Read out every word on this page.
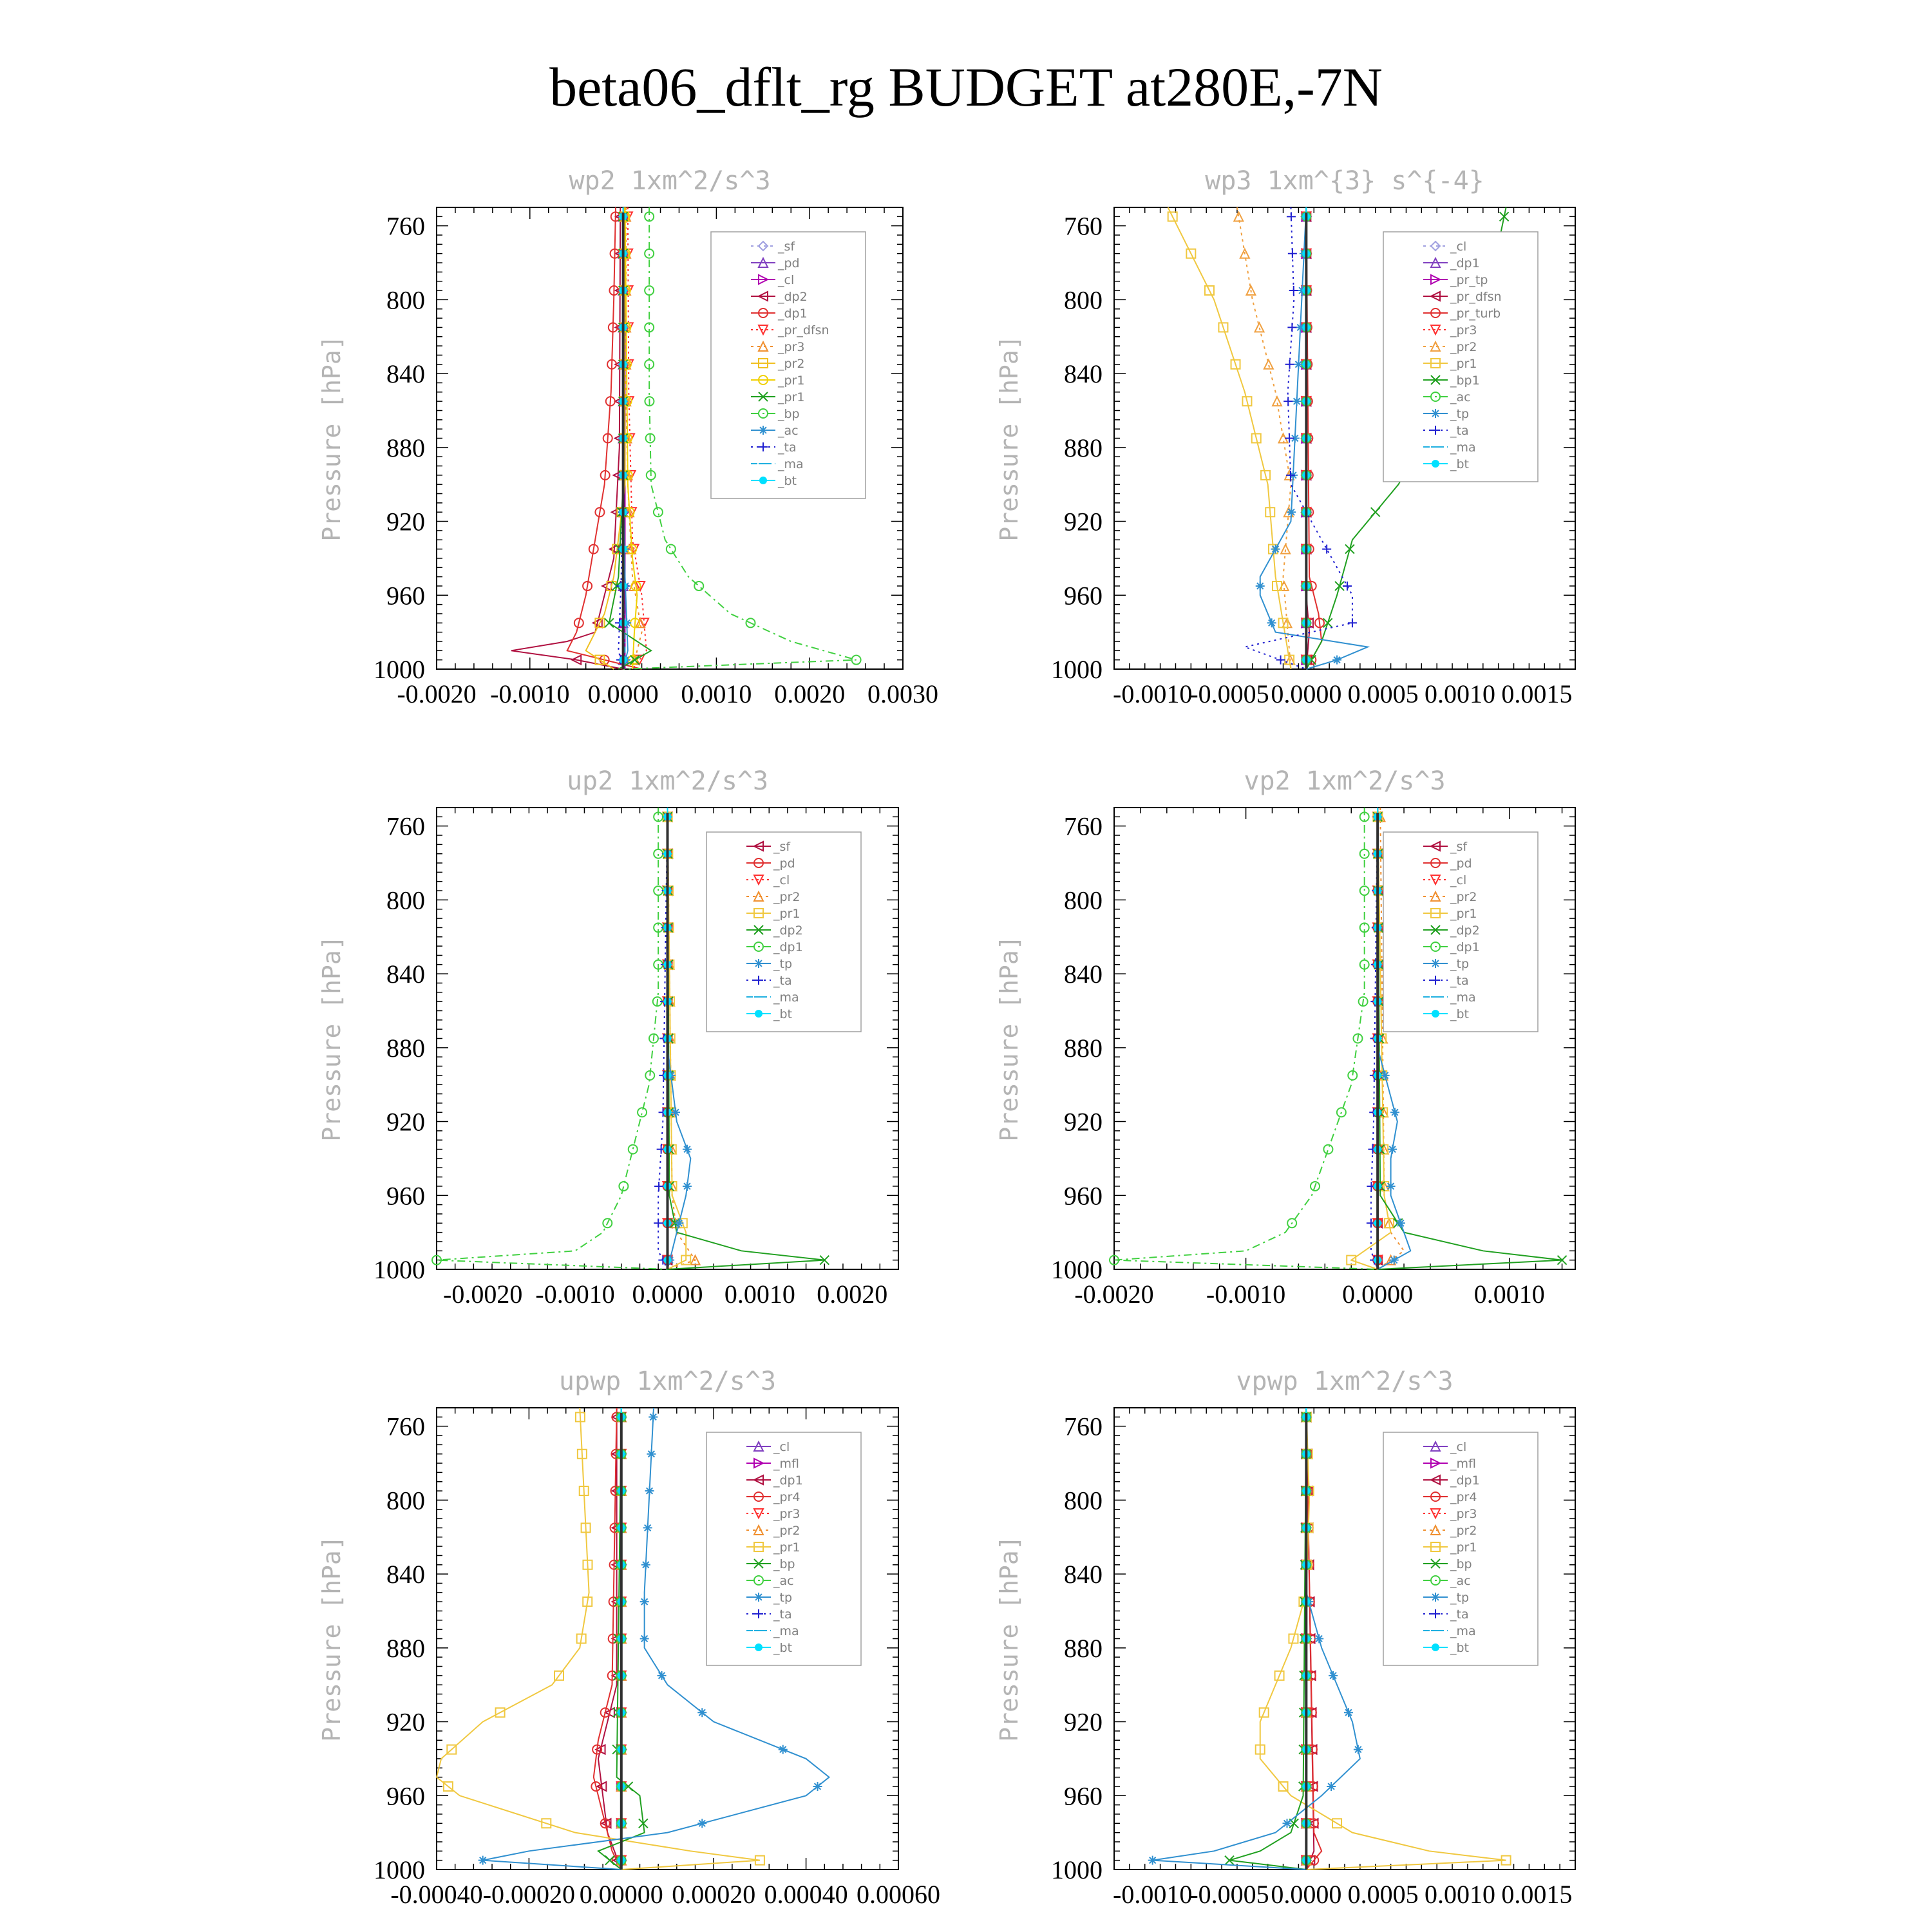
beta06_dflt_rg BUDGET at280E,-7N
wp2 1xm^2/s^3
Pressure [hPa]
760
800
840
880
920
960
1000
-0.0020 -0.0010 0.0000 0.0010 0.0020 0.0030
_sf
_pd
_cl
_dp2
_dp1
_pr_dfsn
_pr3
_pr2
_pr1
_pr1
_bp
_ac
_ta
_ma
_bt
wp3 1xm^{3} s^{-4}
Pressure [hPa]
760
800
840
880
920
960
1000
-0.0010
-0.0005 0.0000 0.0005 0.0010 0.0015
_cl
_dp1
_pr_tp
_pr_dfsn
_pr_turb
_pr3
_pr2
_pr1
_bp1
_ac
_tp
_ta
_ma
_bt
up2 1xm^2/s^3
Pressure [hPa]
760
800
840
880
920
960
1000
-0.0020 -0.0010 0.0000 0.0010 0.0020
_sf
_pd
_cl
_pr2
_pr1
_dp2
_dp1
_tp
_ta
_ma
_bt
vp2 1xm^2/s^3
Pressure [hPa]
760
800
840
880
920
960
1000
-0.0020 -0.0010 0.0000 0.0010
_sf
_pd
_cl
_pr2
_pr1
_dp2
_dp1
_tp
_ta
_ma
_bt
upwp 1xm^2/s^3
Pressure [hPa]
760
800
840
880
920
960
1000
-0.00040 -0.00020 0.00000 0.00020 0.00040 0.00060
_cl
_mfl
_dp1
_pr4
_pr3
_pr2
_pr1
_bp
_ac
_tp
_ta
_ma
_bt
vpwp 1xm^2/s^3
Pressure [hPa]
760
800
840
880
920
960
1000
-0.0010
-0.0005 0.0000 0.0005 0.0010 0.0015
_cl
_mfl
_dp1
_pr4
_pr3
_pr2
_pr1
_bp
_ac
_tp
_ta
_ma
_bt
